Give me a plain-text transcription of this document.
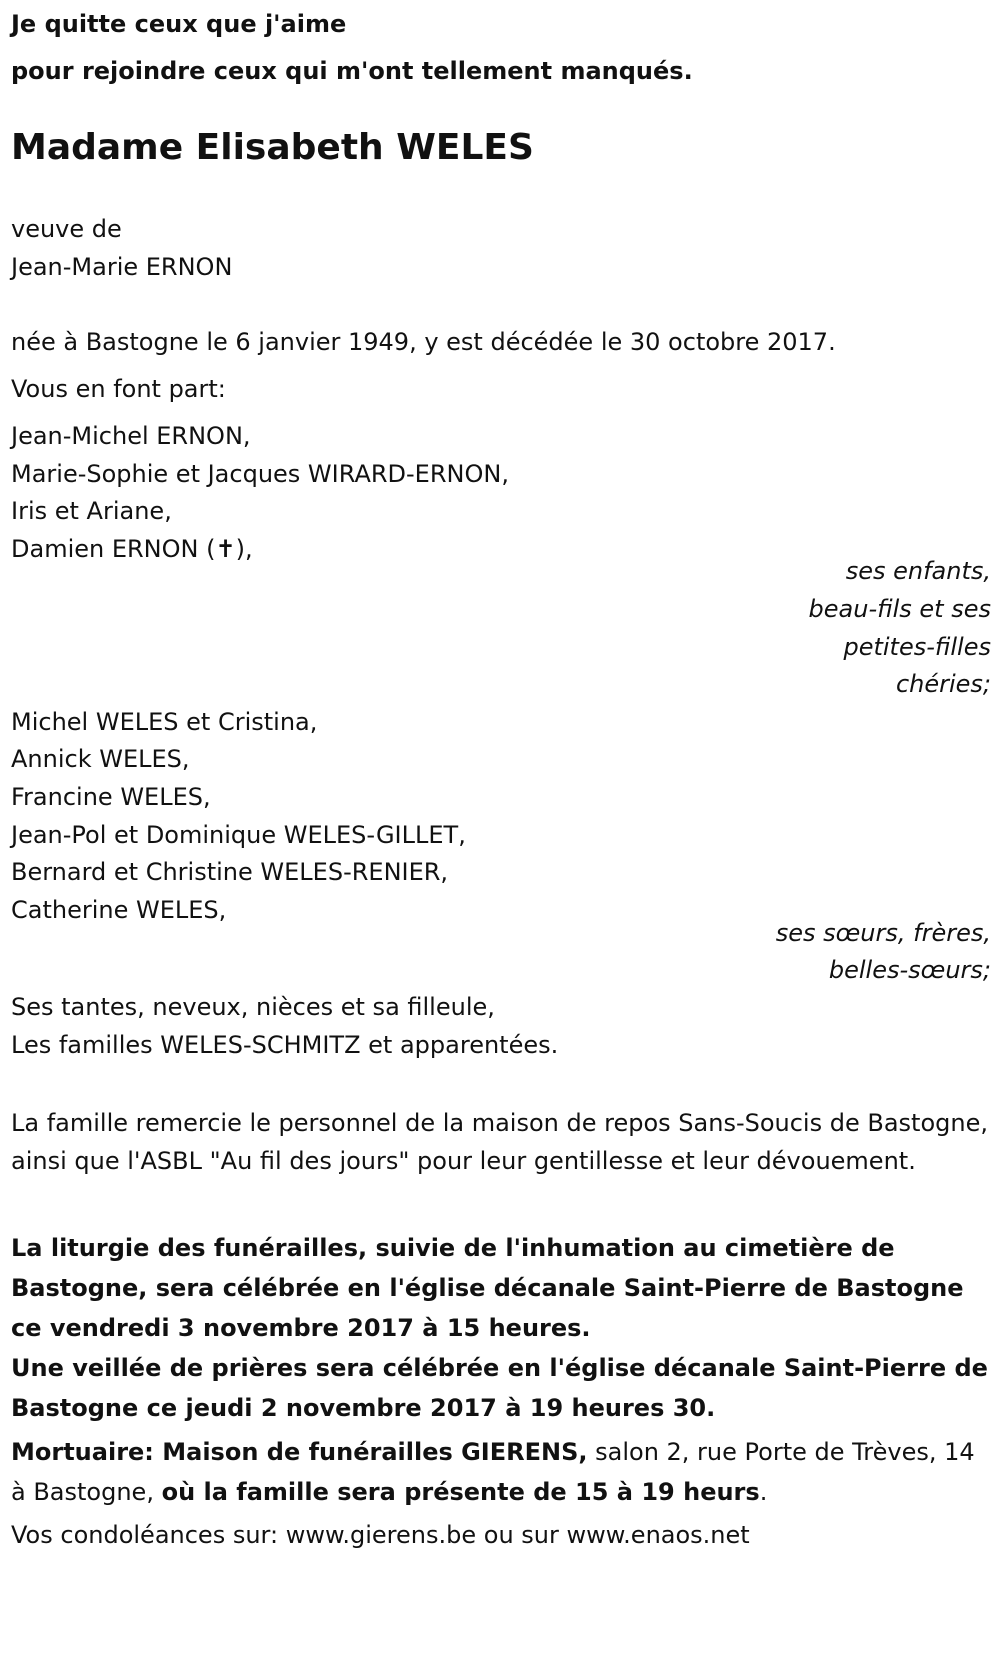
Je quitte ceux que j'aime
pour rejoindre ceux qui m'ont tellement manqués.
Madame Elisabeth WELES
veuve de
Jean-Marie ERNON
née à Bastogne le 6 janvier 1949, y est décédée le 30 octobre 2017.
Vous en font part:
Jean-Michel ERNON,
Marie-Sophie et Jacques WIRARD-ERNON,
Iris et Ariane,
Damien ERNON (✝),
ses enfants,
beau-fils et ses
petites-filles
chéries;
Michel WELES et Cristina,
Annick WELES,
Francine WELES,
Jean-Pol et Dominique WELES-GILLET,
Bernard et Christine WELES-RENIER,
Catherine WELES,
ses sœurs, frères,
belles-sœurs;
Ses tantes, neveux, nièces et sa filleule,
Les familles WELES-SCHMITZ et apparentées.
La famille remercie le personnel de la maison de repos Sans-Soucis de Bastogne, ainsi que l'ASBL "Au fil des jours" pour leur gentillesse et leur dévouement.
La liturgie des funérailles, suivie de l'inhumation au cimetière de Bastogne, sera célébrée en l'église décanale Saint-Pierre de Bastogne ce vendredi 3 novembre 2017 à 15 heures.
Une veillée de prières sera célébrée en l'église décanale Saint-Pierre de Bastogne ce jeudi 2 novembre 2017 à 19 heures 30.
Mortuaire: Maison de funérailles GIERENS, salon 2, rue Porte de Trèves, 14 à Bastogne, où la famille sera présente de 15 à 19 heurs.
Vos condoléances sur: www.gierens.be ou sur www.enaos.net
